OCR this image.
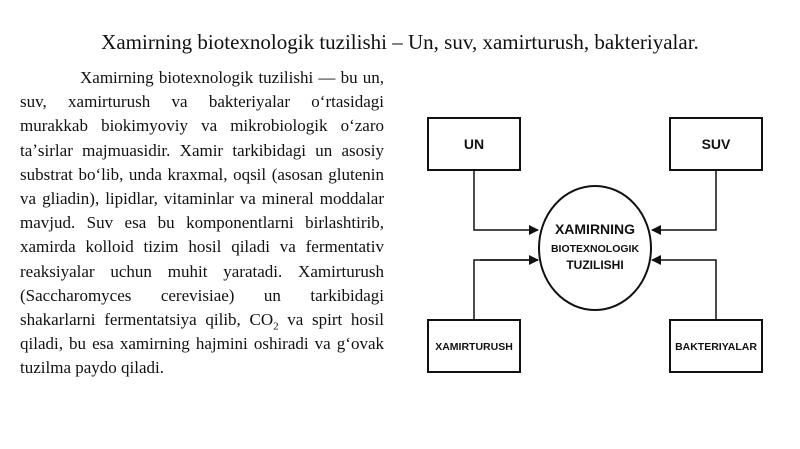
Xamirning biotexnologik tuzilishi – Un, suv, xamirturush, bakteriyalar.

Xamirning biotexnologik tuzilishi — bu un, suv, xamirturush va bakteriyalar oʻrtasidagi murakkab biokimyoviy va mikrobiologik oʻzaro taʼsirlar majmuasidir. Xamir tarkibidagi un asosiy substrat boʻlib, unda kraxmal, oqsil (asosan glutenin va gliadin), lipidlar, vitaminlar va mineral moddalar mavjud. Suv esa bu komponentlarni birlashtirib, xamirda kolloid tizim hosil qiladi va fermentativ reaksiyalar uchun muhit yaratadi. Xamirturush (Saccharomyces cerevisiae) un tarkibidagi shakarlarni fermentatsiya qilib, $CO_2$ va spirt hosil qiladi, bu esa xamirning hajmini oshiradi va gʻovak tuzilma paydo qiladi.

UN	SUV
XAMIRTURUSH	BAKTERIYALAR
XAMIRNING
BIOTEXNOLOGIK
TUZILISHI
